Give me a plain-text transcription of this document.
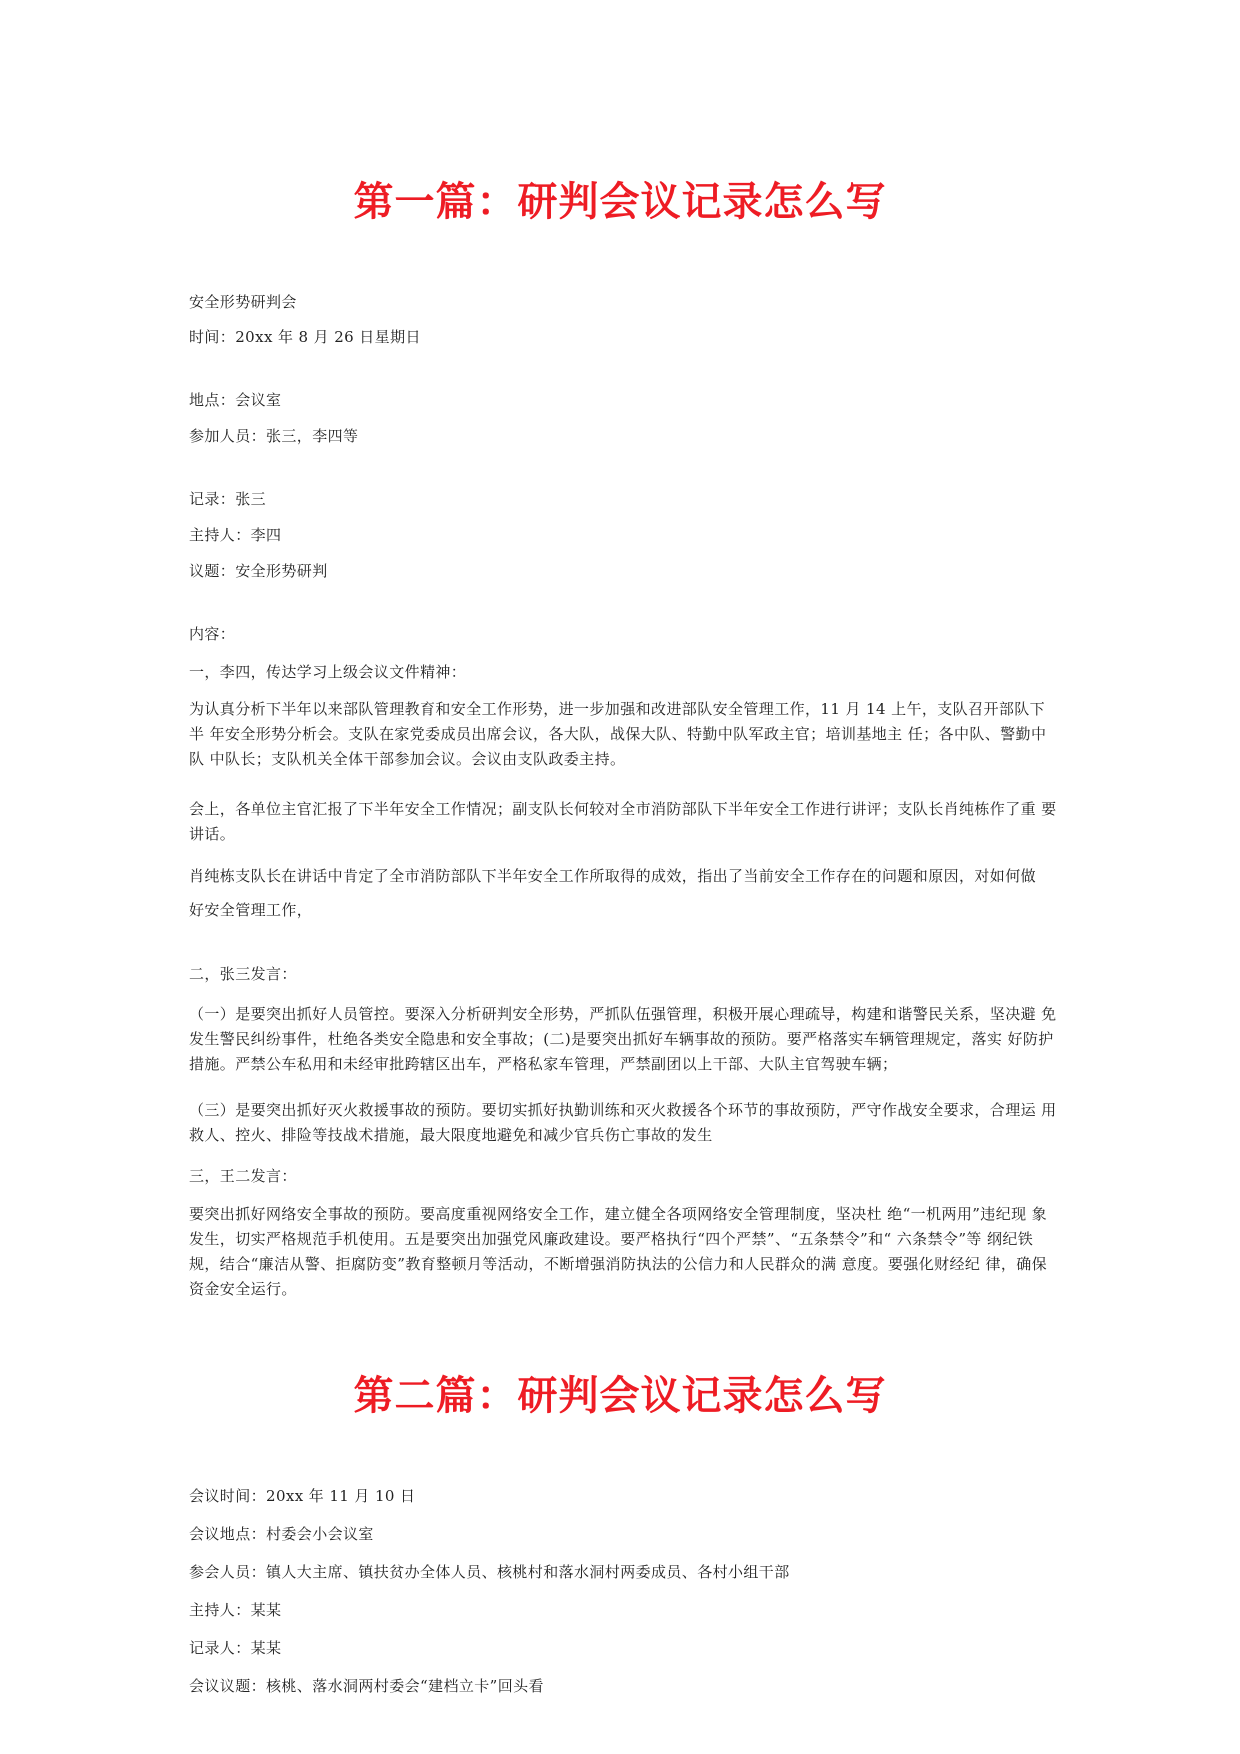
第一篇：研判会议记录怎么写

安全形势研判会

时间：20xx 年 8 月 26 日星期日

地点：会议室

参加人员：张三，李四等

记录：张三

主持人：李四

议题：安全形势研判

内容：

一，李四，传达学习上级会议文件精神：

为认真分析下半年以来部队管理教育和安全工作形势，进一步加强和改进部队安全管理工作，11 月 14 上午，支队召开部队下半 年安全形势分析会。支队在家党委成员出席会议，各大队，战保大队、特勤中队军政主官；培训基地主 任；各中队、警勤中队 中队长；支队机关全体干部参加会议。会议由支队政委主持。

会上，各单位主官汇报了下半年安全工作情况；副支队长何较对全市消防部队下半年安全工作进行讲评；支队长肖纯栋作了重 要讲话。

肖纯栋支队长在讲话中肯定了全市消防部队下半年安全工作所取得的成效，指出了当前安全工作存在的问题和原因，对如何做

好安全管理工作，

二，张三发言：

（一）是要突出抓好人员管控。要深入分析研判安全形势，严抓队伍强管理，积极开展心理疏导，构建和谐警民关系，坚决避 免发生警民纠纷事件，杜绝各类安全隐患和安全事故；(二)是要突出抓好车辆事故的预防。要严格落实车辆管理规定，落实 好防护措施。严禁公车私用和未经审批跨辖区出车，严格私家车管理，严禁副团以上干部、大队主官驾驶车辆；

（三）是要突出抓好灭火救援事故的预防。要切实抓好执勤训练和灭火救援各个环节的事故预防，严守作战安全要求，合理运 用救人、控火、排险等技战术措施，最大限度地避免和减少官兵伤亡事故的发生

三，王二发言：

要突出抓好网络安全事故的预防。要高度重视网络安全工作，建立健全各项网络安全管理制度，坚决杜 绝“一机两用”违纪现 象发生，切实严格规范手机使用。五是要突出加强党风廉政建设。要严格执行“四个严禁”、“五条禁令”和“ 六条禁令”等 纲纪铁规，结合“廉洁从警、拒腐防变”教育整顿月等活动，不断增强消防执法的公信力和人民群众的满 意度。要强化财经纪 律，确保资金安全运行。

第二篇：研判会议记录怎么写

会议时间：20xx 年 11 月 10 日

会议地点：村委会小会议室

参会人员：镇人大主席、镇扶贫办全体人员、核桃村和落水洞村两委成员、各村小组干部

主持人：某某

记录人：某某

会议议题：核桃、落水洞两村委会“建档立卡”回头看
